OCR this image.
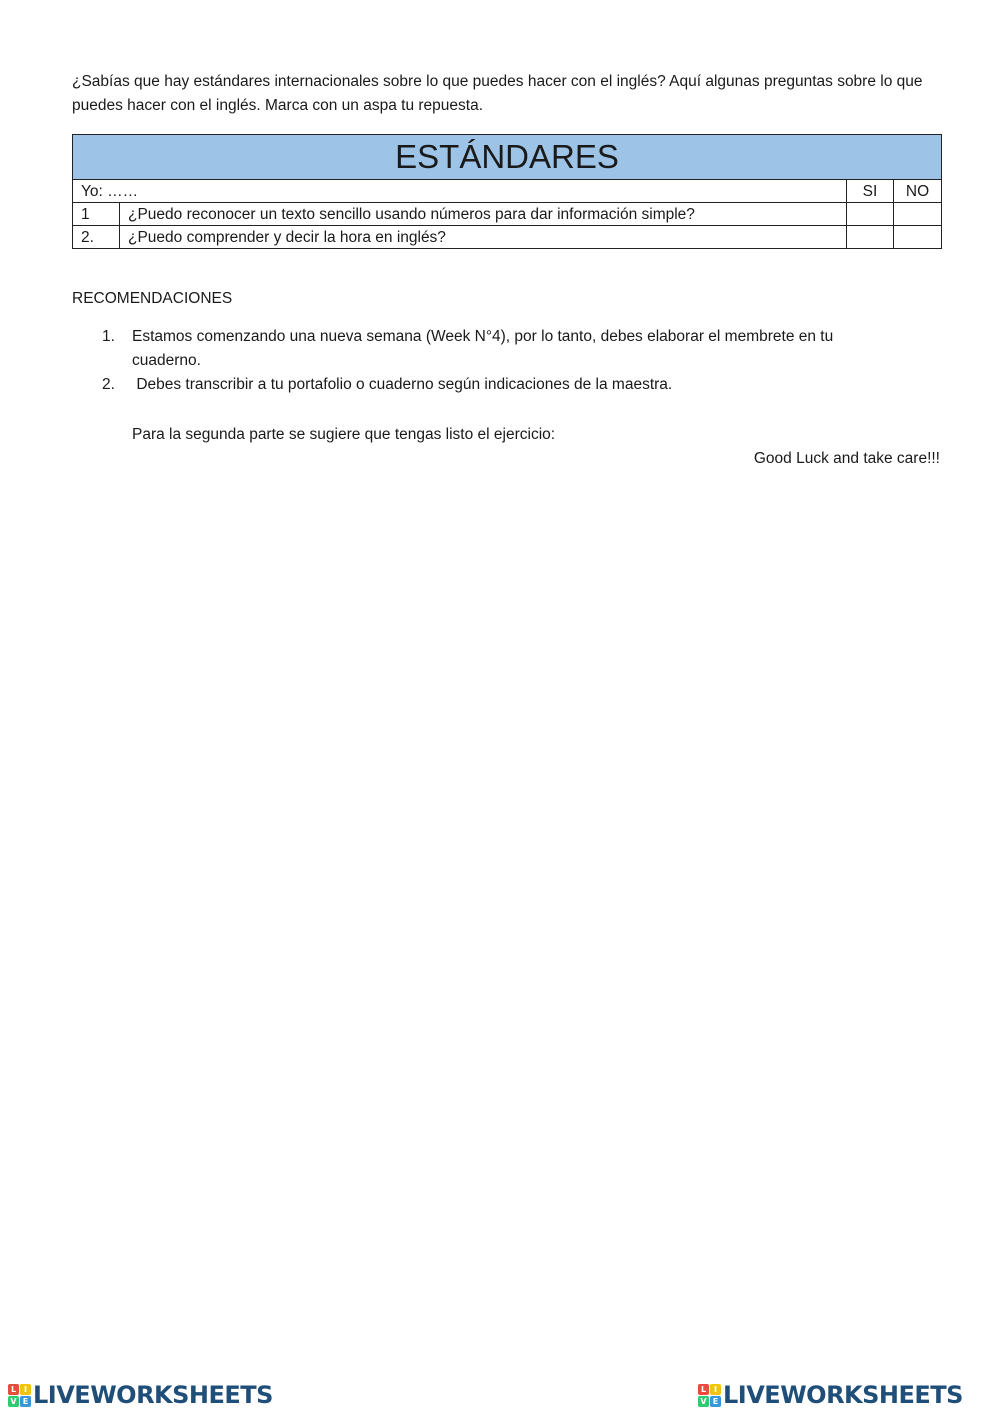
¿Sabías que hay estándares internacionales sobre lo que puedes hacer con el inglés? Aquí algunas preguntas sobre lo que puedes hacer con el inglés. Marca con un aspa tu repuesta.

ESTÁNDARES			
Yo: ……		SI	NO
1	¿Puedo reconocer un texto sencillo usando números para dar información simple?		
2.	¿Puedo comprender y decir la hora en inglés?		

RECOMENDACIONES

1. Estamos comenzando una nueva semana (Week N°4), por lo tanto, debes elaborar el membrete en tu cuaderno.
2. Debes transcribir a tu portafolio o cuaderno según indicaciones de la maestra.

Para la segunda parte se sugiere que tengas listo el ejercicio:

Good Luck and take care!!!

L I
V E LIVEWORKSHEETS	L I
V E LIVEWORKSHEETS
